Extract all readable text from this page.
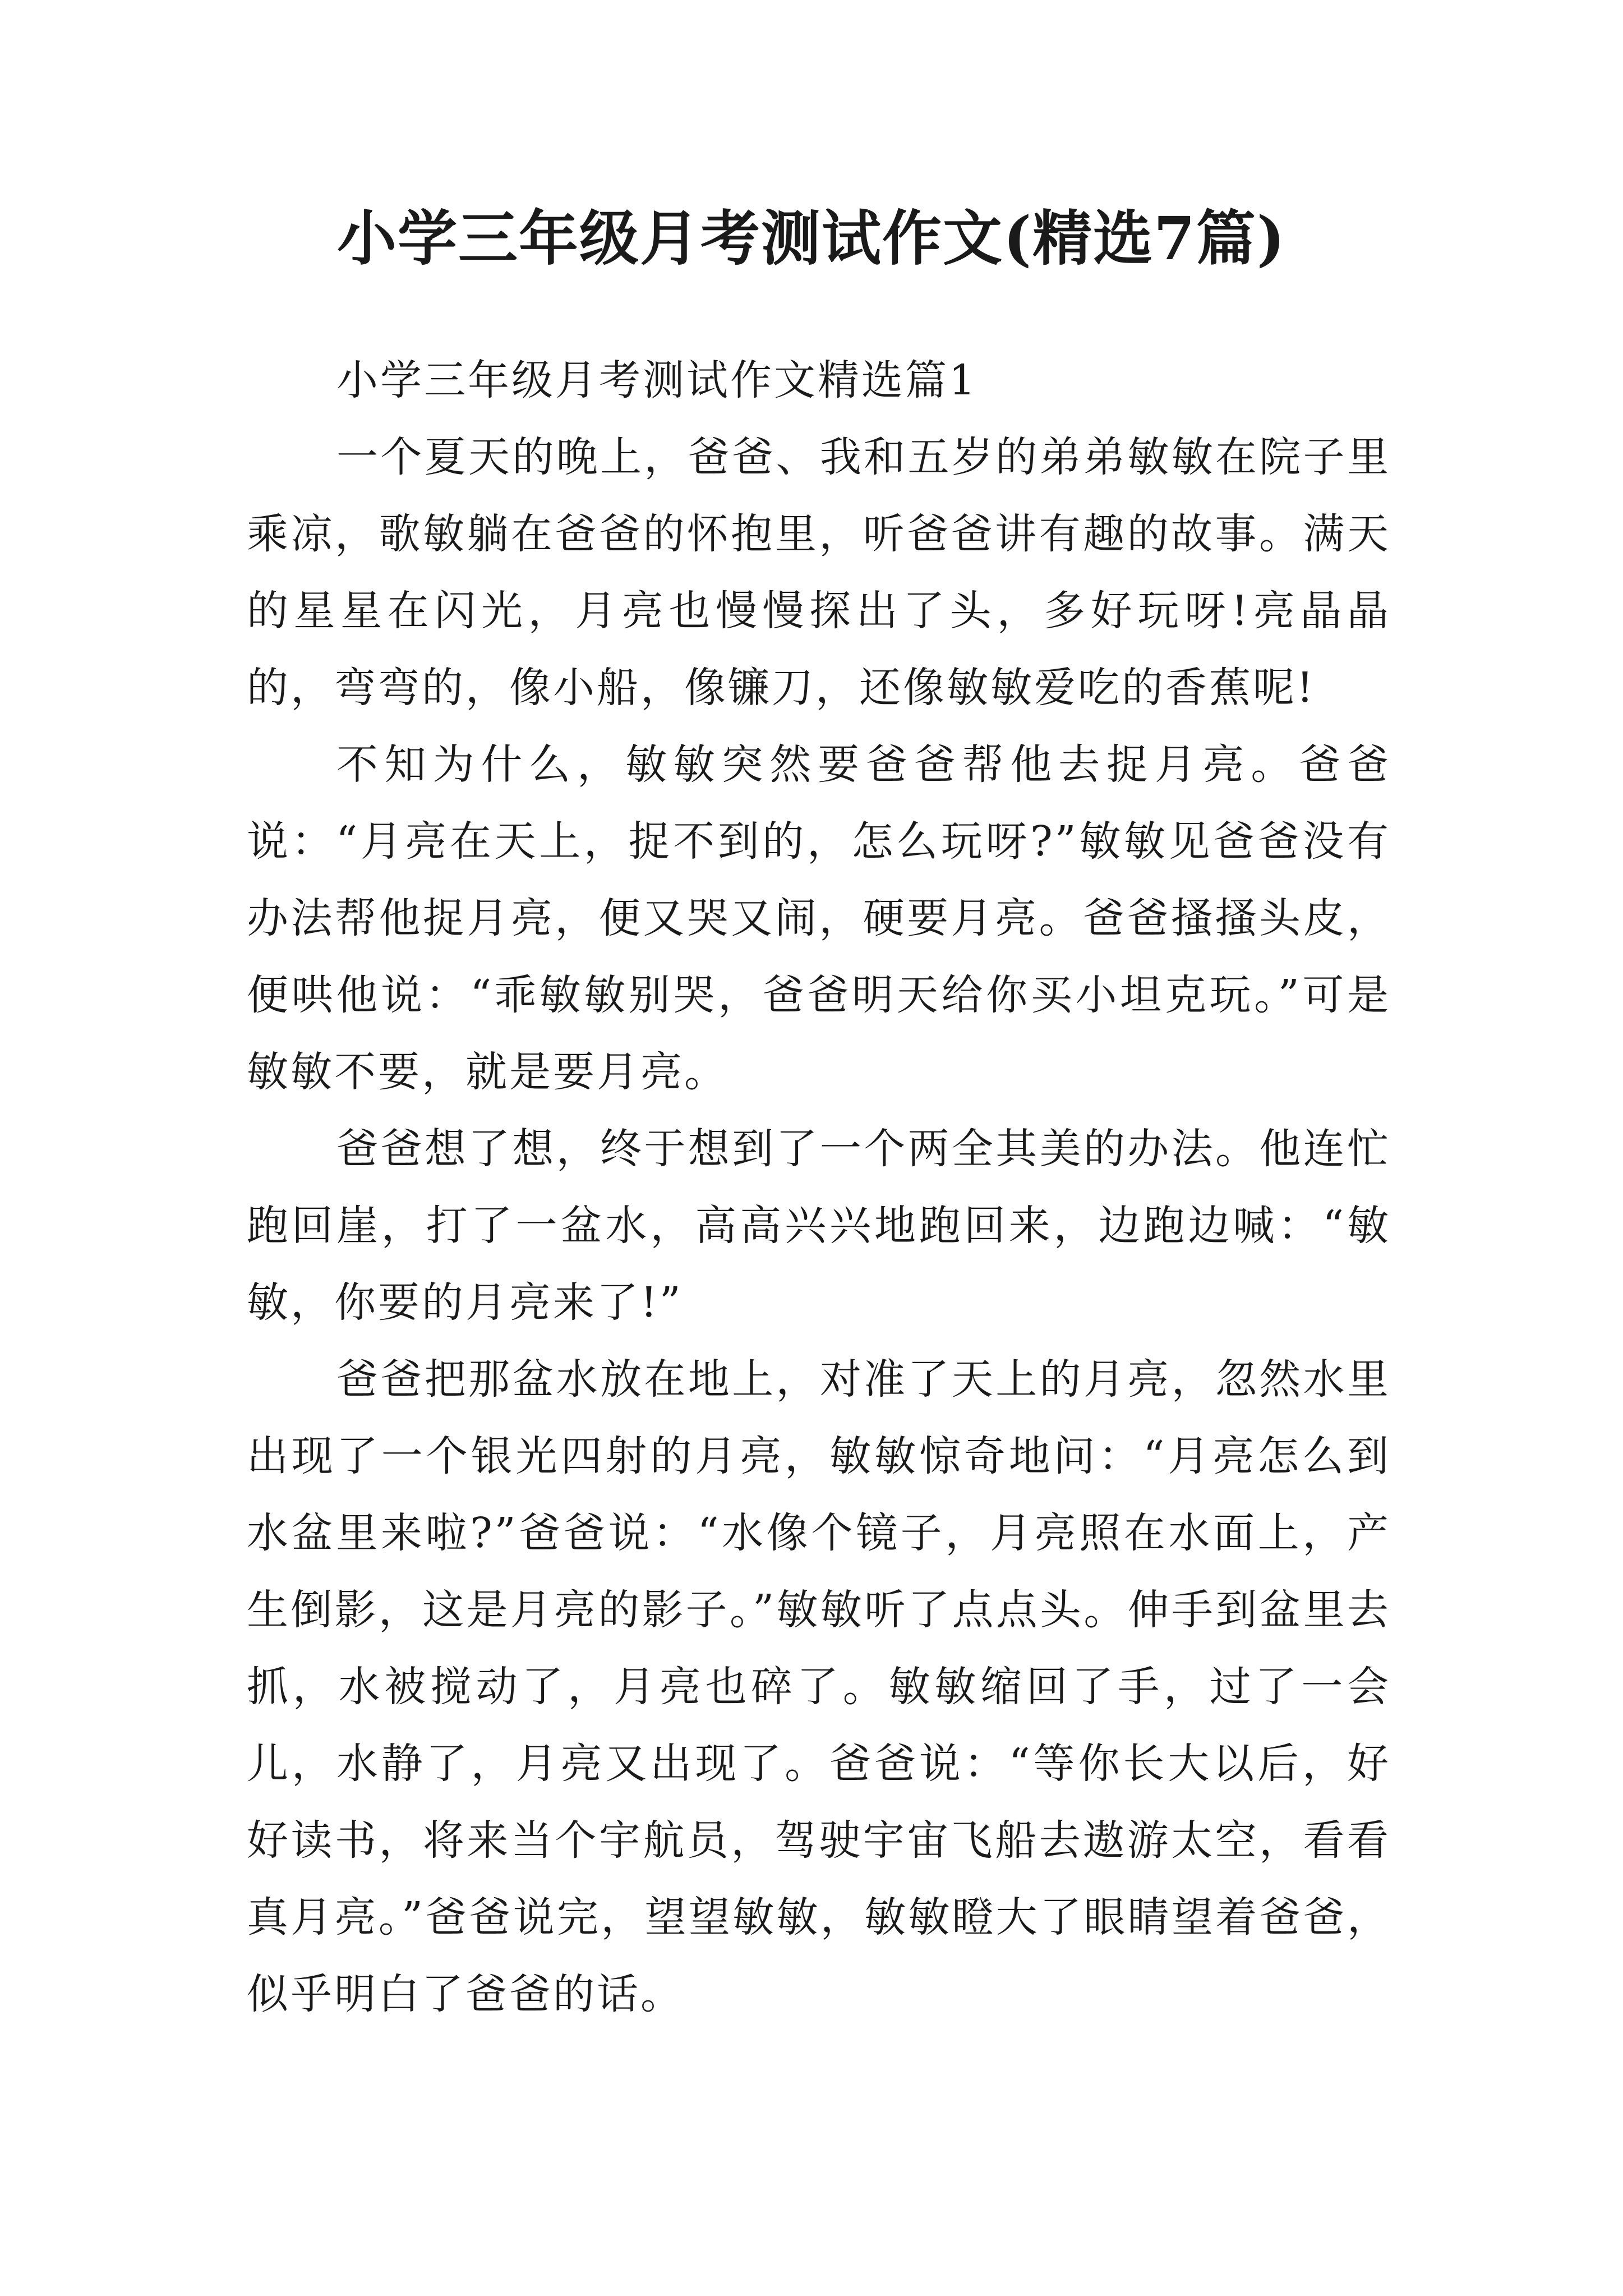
小学三年级月考测试作文(精选7篇)

小学三年级月考测试作文精选篇1

一个夏天的晚上，爸爸、我和五岁的弟弟敏敏在院子里乘凉，歌敏躺在爸爸的怀抱里，听爸爸讲有趣的故事。满天的星星在闪光，月亮也慢慢探出了头，多好玩呀!亮晶晶的，弯弯的，像小船，像镰刀，还像敏敏爱吃的香蕉呢!

不知为什么，敏敏突然要爸爸帮他去捉月亮。爸爸说：“月亮在天上，捉不到的，怎么玩呀?”敏敏见爸爸没有办法帮他捉月亮，便又哭又闹，硬要月亮。爸爸搔搔头皮，便哄他说：“乖敏敏别哭，爸爸明天给你买小坦克玩。”可是敏敏不要，就是要月亮。

爸爸想了想，终于想到了一个两全其美的办法。他连忙跑回崖，打了一盆水，高高兴兴地跑回来，边跑边喊：“敏敏，你要的月亮来了!”

爸爸把那盆水放在地上，对准了天上的月亮，忽然水里出现了一个银光四射的月亮，敏敏惊奇地问：“月亮怎么到水盆里来啦?”爸爸说：“水像个镜子，月亮照在水面上，产生倒影，这是月亮的影子。”敏敏听了点点头。伸手到盆里去抓，水被搅动了，月亮也碎了。敏敏缩回了手，过了一会儿，水静了，月亮又出现了。爸爸说：“等你长大以后，好好读书，将来当个宇航员，驾驶宇宙飞船去遨游太空，看看真月亮。”爸爸说完，望望敏敏，敏敏瞪大了眼睛望着爸爸，似乎明白了爸爸的话。
